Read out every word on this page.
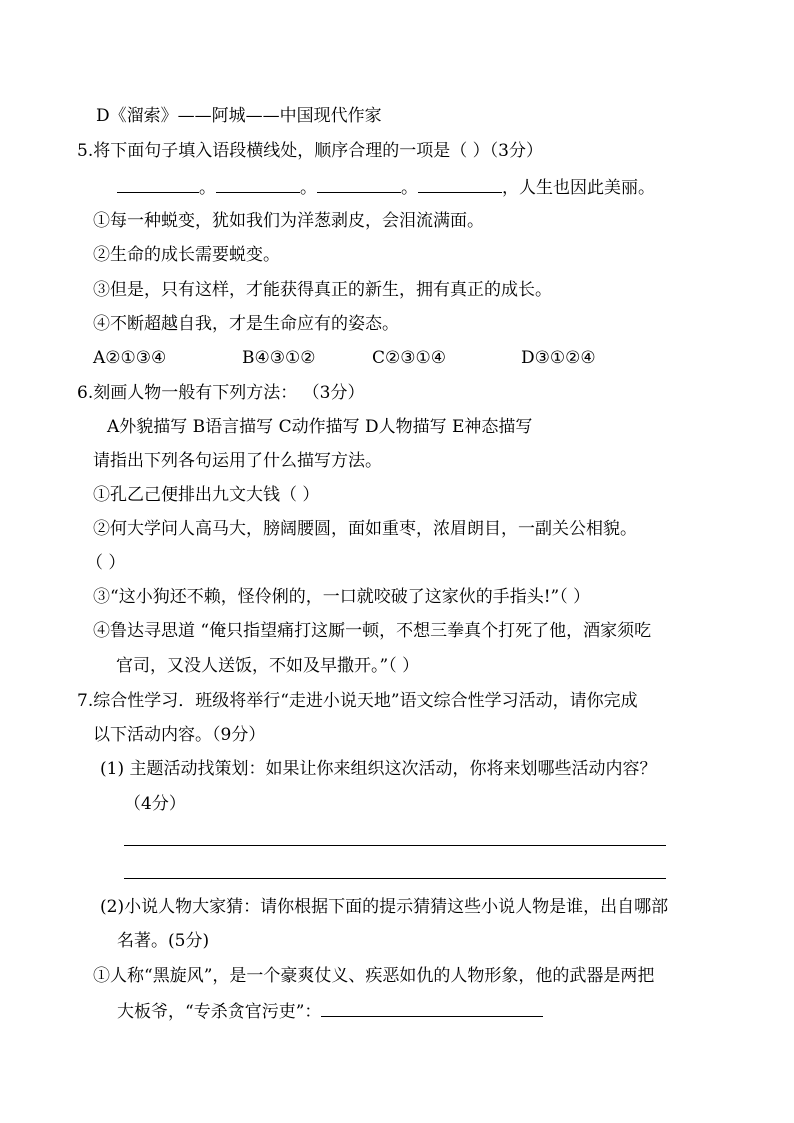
D《溜索》——阿城——中国现代作家
5.将下面句子填入语段横线处，顺序合理的一项是（ ）（3分）
。	。	。	，人生也因此美丽。
①每一种蜕变，犹如我们为洋葱剥皮，会泪流满面。
②生命的成长需要蜕变。
③但是，只有这样，才能获得真正的新生，拥有真正的成长。
④不断超越自我，才是生命应有的姿态。
A②①③④	B④③①②	C②③①④	D③①②④
6.刻画人物一般有下列方法： （3分）
A外貌描写 B语言描写 C动作描写 D人物描写 E神态描写
请指出下列各句运用了什么描写方法。
①孔乙己便排出九文大钱（ ）
②何大学问人高马大，膀阔腰圆，面如重枣，浓眉朗目，一副关公相貌。
（ ）
③“这小狗还不赖，怪伶俐的，一口就咬破了这家伙的手指头!”（ ）
④鲁达寻思道 “俺只指望痛打这厮一顿，不想三拳真个打死了他，酒家须吃
官司，又没人送饭，不如及早撒开。”（ ）
7.综合性学习．班级将举行“走进小说天地”语文综合性学习活动，请你完成
以下活动内容。（9分）
(1) 主题活动找策划：如果让你来组织这次活动，你将来划哪些活动内容？
（4分）
(2)小说人物大家猜：请你根据下面的提示猜猜这些小说人物是谁，出自哪部
名著。(5分)
①人称“黑旋风”，是一个豪爽仗义、疾恶如仇的人物形象，他的武器是两把
大板爷，“专杀贪官污吏”：
